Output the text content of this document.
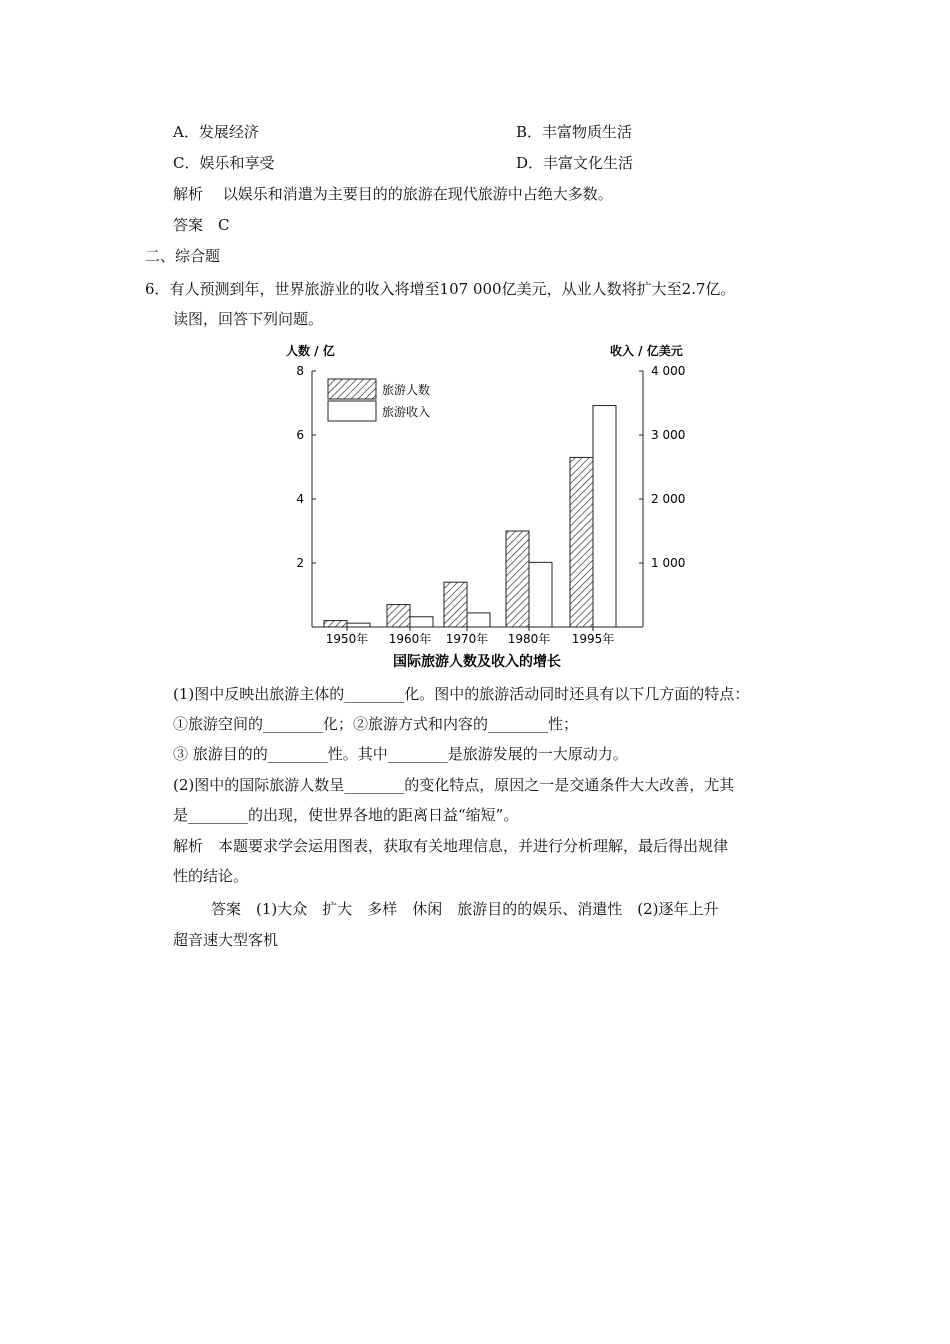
A．发展经济	B．丰富物质生活
C．娱乐和享受	D．丰富文化生活
解析　 以娱乐和消遣为主要目的的旅游在现代旅游中占绝大多数。
答案　C
二、综合题
6．有人预测到年，世界旅游业的收入将增至107 000亿美元，从业人数将扩大至2.7亿。
读图，回答下列问题。
人数 / 亿	收入 / 亿美元
2
4
6
8
1 000
2 000
3 000
4 000
1950年 1960年 1970年 1980年 1995年
旅游人数
旅游收入
国际旅游人数及收入的增长
(1)图中反映出旅游主体的________化。图中的旅游活动同时还具有以下几方面的特点：
①旅游空间的________化；②旅游方式和内容的________性；
③ 旅游目的的________性。其中________是旅游发展的一大原动力。
(2)图中的国际旅游人数呈________的变化特点，原因之一是交通条件大大改善，尤其
是________的出现，使世界各地的距离日益“缩短”。
解析　本题要求学会运用图表，获取有关地理信息，并进行分析理解，最后得出规律
性的结论。
答案　(1)大众　扩大　多样　休闲　旅游目的的娱乐、消遣性　(2)逐年上升
超音速大型客机
